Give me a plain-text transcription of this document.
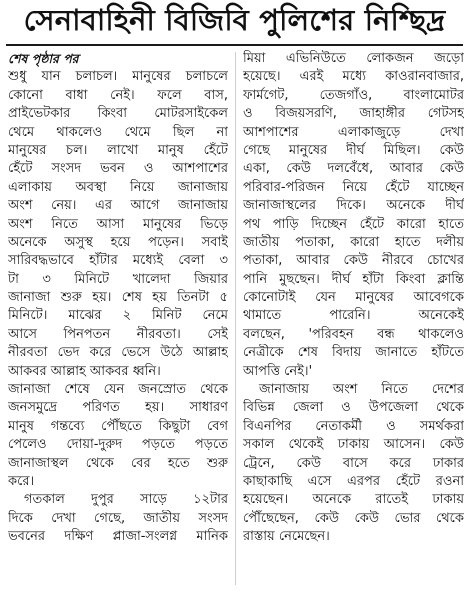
সেনাবাহিনী বিজিবি পুলিশের নিশ্ছিদ্র
শেষ পৃষ্ঠার পর
শুধু যান চলাচল। মানুষের চলাচলে
কোনো বাধা নেই। ফলে বাস,
প্রাইভেটকার কিংবা মোটরসাইকেল
থেমে থাকলেও থেমে ছিল না
মানুষের চল। লাখো মানুষ হেঁটে
হেঁটে সংসদ ভবন ও আশপাশের
এলাকায় অবস্থা নিয়ে জানাজায়
অংশ নেয়। এর আগে জানাজায়
অংশ নিতে আসা মানুষের ভিড়ে
অনেকে অসুস্থ হয়ে পড়েন। সবাই
সারিবদ্ধভাবে হাঁটার মধ্যেই বেলা ৩
টা ৩ মিনিটে খালেদা জিয়ার
জানাজা শুরু হয়। শেষ হয় তিনটা ৫
মিনিটে। মাঝের ২ মিনিট নেমে
আসে পিনপতন নীরবতা। সেই
নীরবতা ভেদ করে ভেসে উঠে আল্লাহ
আকবর আল্লাহ আকবর ধ্বনি।
জানাজা শেষে যেন জনস্রোত থেকে
জনসমুদ্রে পরিণত হয়। সাধারণ
মানুষ গন্তব্যে পৌঁছতে কিছুটা বেগ
পেলেও দোয়া-দুরুদ পড়তে পড়তে
জানাজাস্থল থেকে বের হতে শুরু
করে।
গতকাল দুপুর সাড়ে ১২টার
দিকে দেখা গেছে, জাতীয় সংসদ
ভবনের দক্ষিণ প্লাজা-সংলগ্ন মানিক
মিয়া এভিনিউতে লোকজন জড়ো
হয়েছে। এরই মধ্যে কাওরানবাজার,
ফার্মগেট, তেজগাঁও, বাংলামোটর
ও বিজয়সরণি, জাহাঙ্গীর গেটসহ
আশপাশের এলাকাজুড়ে দেখা
গেছে মানুষের দীর্ঘ মিছিল। কেউ
একা, কেউ দলবেঁধে, আবার কেউ
পরিবার-পরিজন নিয়ে হেঁটে যাচ্ছেন
জানাজাস্থলের দিকে। অনেকে দীর্ঘ
পথ পাড়ি দিচ্ছেন হেঁটে কারো হাতে
জাতীয় পতাকা, কারো হাতে দলীয়
পতাকা, আবার কেউ নীরবে চোখের
পানি মুছছেন। দীর্ঘ হাঁটা কিংবা ক্লান্তি
কোনোটাই যেন মানুষের আবেগকে
থামাতে পারেনি। অনেকেই
বলছেন, 'পরিবহন বন্ধ থাকলেও
নেত্রীকে শেষ বিদায় জানাতে হাঁটতে
আপত্তি নেই।'
জানাজায় অংশ নিতে দেশের
বিভিন্ন জেলা ও উপজেলা থেকে
বিএনপির নেতাকর্মী ও সমর্থকরা
সকাল থেকেই ঢাকায় আসেন। কেউ
ট্রেনে, কেউ বাসে করে ঢাকার
কাছাকাছি এসে এরপর হেঁটে রওনা
হয়েছেন। অনেকে রাতেই ঢাকায়
পৌঁছেছেন, কেউ কেউ ভোর থেকে
রাস্তায় নেমেছেন।
